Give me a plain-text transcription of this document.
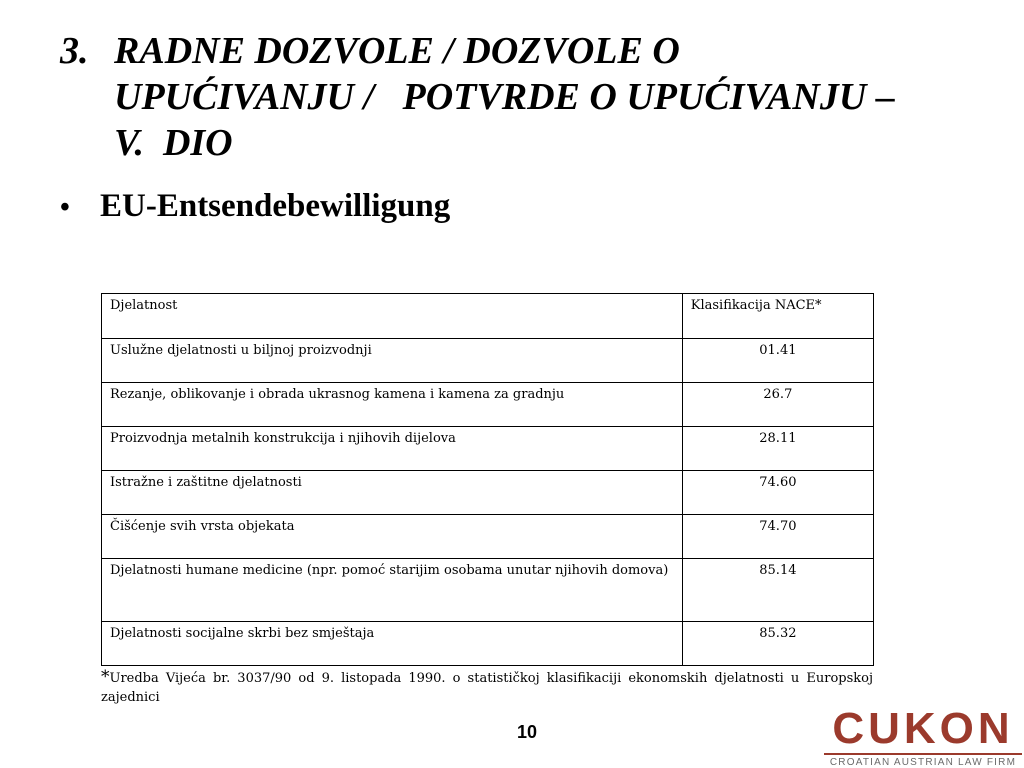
3. RADNE DOZVOLE / DOZVOLE O
UPUĆIVANJU /   POTVRDE O UPUĆIVANJU –
V.  DIO
• EU-Entsendebewilligung
Djelatnost	Klasifikacija NACE*
Uslužne djelatnosti u biljnoj proizvodnji	01.41
Rezanje, oblikovanje i obrada ukrasnog kamena i kamena za gradnju	26.7
Proizvodnja metalnih konstrukcija i njihovih dijelova	28.11
Istražne i zaštitne djelatnosti	74.60
Čišćenje svih vrsta objekata	74.70
Djelatnosti humane medicine (npr. pomoć starijim osobama unutar njihovih domova)	85.14
Djelatnosti socijalne skrbi bez smještaja	85.32
*Uredba Vijeća br. 3037/90 od 9. listopada 1990. o statističkoj klasifikaciji ekonomskih djelatnosti u Europskoj zajednici
10	CUKON
CROATIAN AUSTRIAN LAW FIRM
